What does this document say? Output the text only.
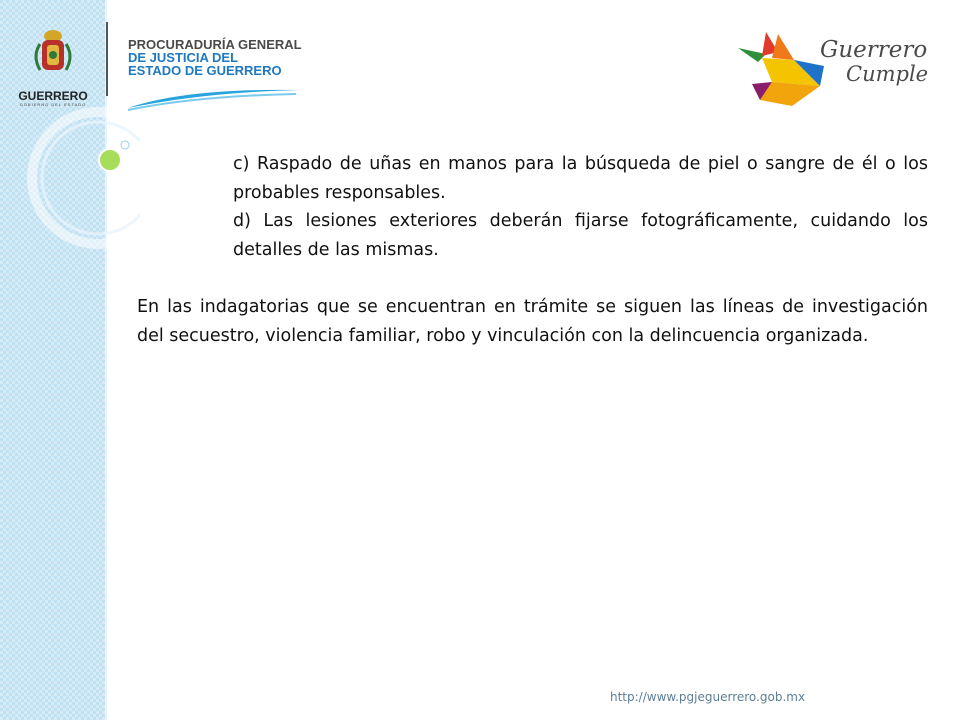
GUERRERO
GOBIERNO DEL ESTADO
PROCURADURÍA GENERAL
DE JUSTICIA DEL
ESTADO DE GUERRERO
Guerrero
Cumple

c) Raspado de uñas en manos para la búsqueda de piel o sangre de él o los probables responsables.

d) Las lesiones exteriores deberán fijarse fotográficamente, cuidando los detalles de las mismas.

En las indagatorias que se encuentran en trámite se siguen las líneas de investigación del secuestro, violencia familiar, robo y vinculación con la delincuencia organizada.

http://www.pgjeguerrero.gob.mx
